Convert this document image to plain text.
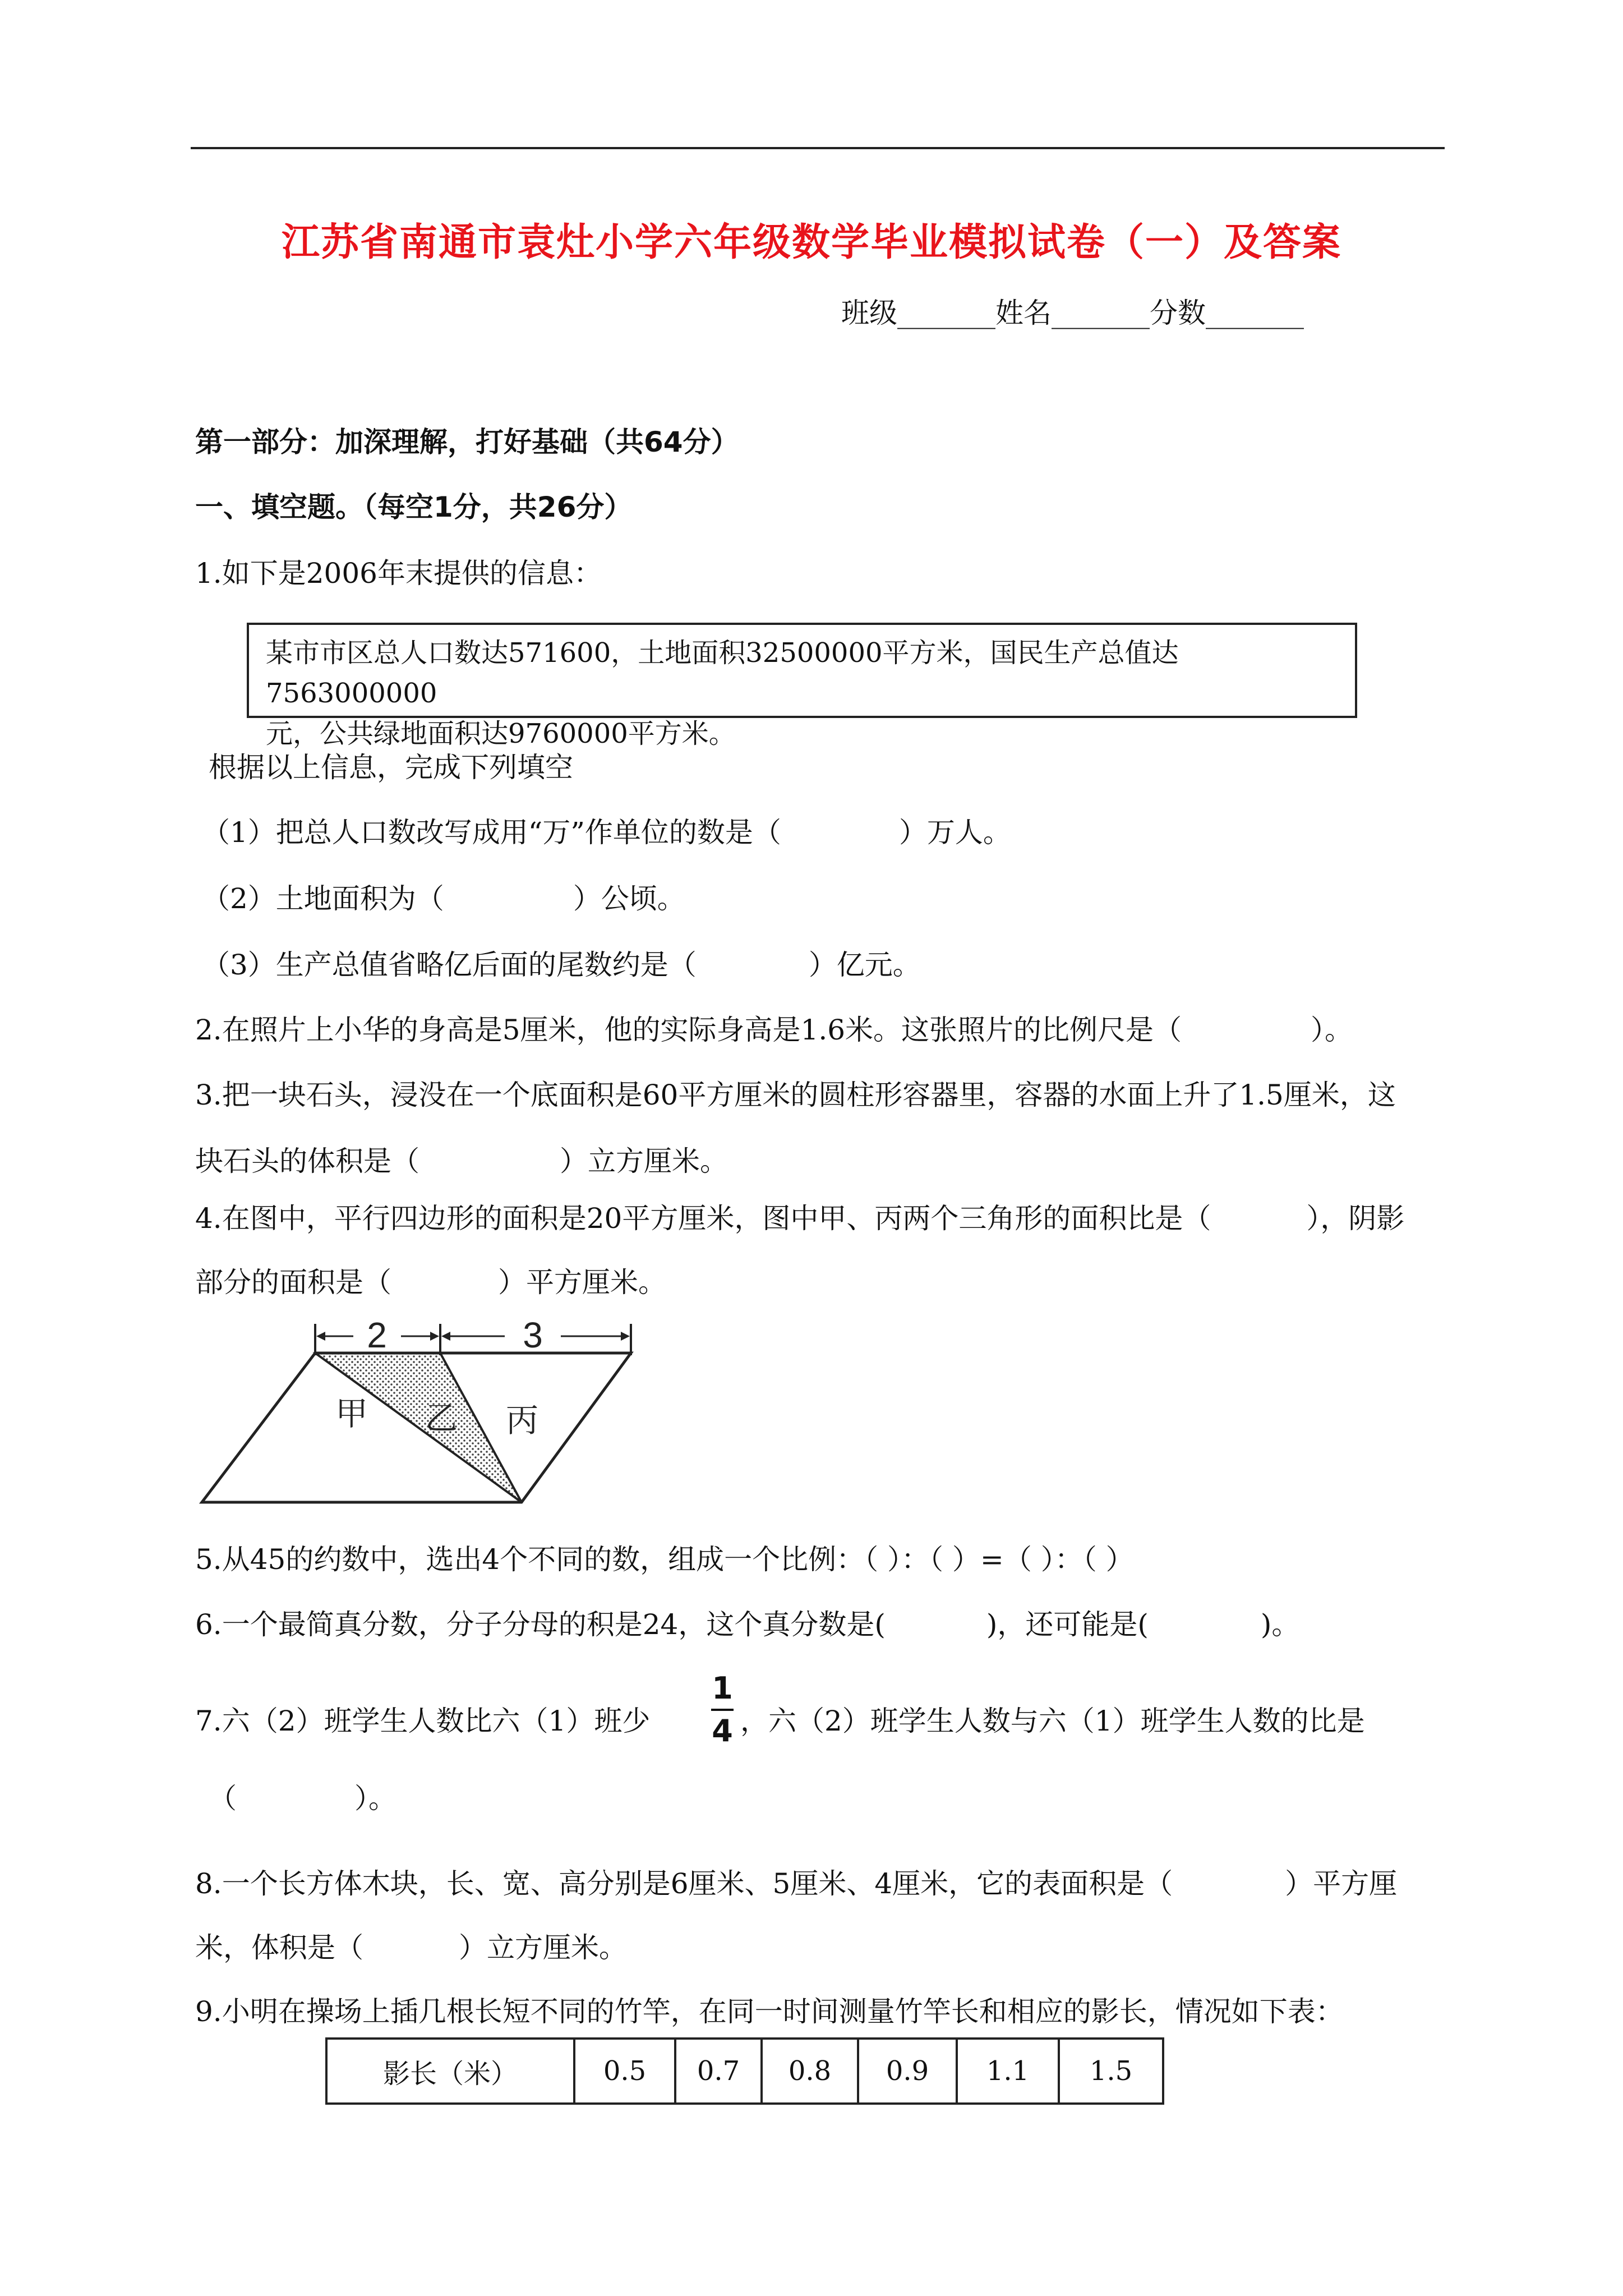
江苏省南通市袁灶小学六年级数学毕业模拟试卷（一）及答案
班级_______姓名_______分数_______
第一部分：加深理解，打好基础（共64分）
一、填空题。（每空1分，共26分）
1.如下是2006年末提供的信息：
某市市区总人口数达571600，土地面积32500000平方米，国民生产总值达7563000000
元，公共绿地面积达9760000平方米。
根据以上信息，完成下列填空
（1）把总人口数改写成用“万”作单位的数是（	）万人。
（2）土地面积为（	）公顷。
（3）生产总值省略亿后面的尾数约是（	）亿元。
2.在照片上小华的身高是5厘米，他的实际身高是1.6米。这张照片的比例尺是（	）。
3.把一块石头，浸没在一个底面积是60平方厘米的圆柱形容器里，容器的水面上升了1.5厘米，这
块石头的体积是（	）立方厘米。
4.在图中，平行四边形的面积是20平方厘米，图中甲、丙两个三角形的面积比是（	），阴影
部分的面积是（	）平方厘米。
2	3
甲 乙 丙
5.从45的约数中，选出4个不同的数，组成一个比例：（ ）：（ ）=（ ）：（ ）
6.一个最简真分数，分子分母的积是24，这个真分数是(	)，还可能是(	)。
7.六（2）班学生人数比六（1）班少
1
4 ，六（2）班学生人数与六（1）班学生人数的比是
（	）。
8.一个长方体木块，长、宽、高分别是6厘米、5厘米、4厘米，它的表面积是（	）平方厘
米，体积是（	）立方厘米。
9.小明在操场上插几根长短不同的竹竿，在同一时间测量竹竿长和相应的影长，情况如下表：
影长（米）	0.5	0.7	0.8	0.9	1.1	1.5
